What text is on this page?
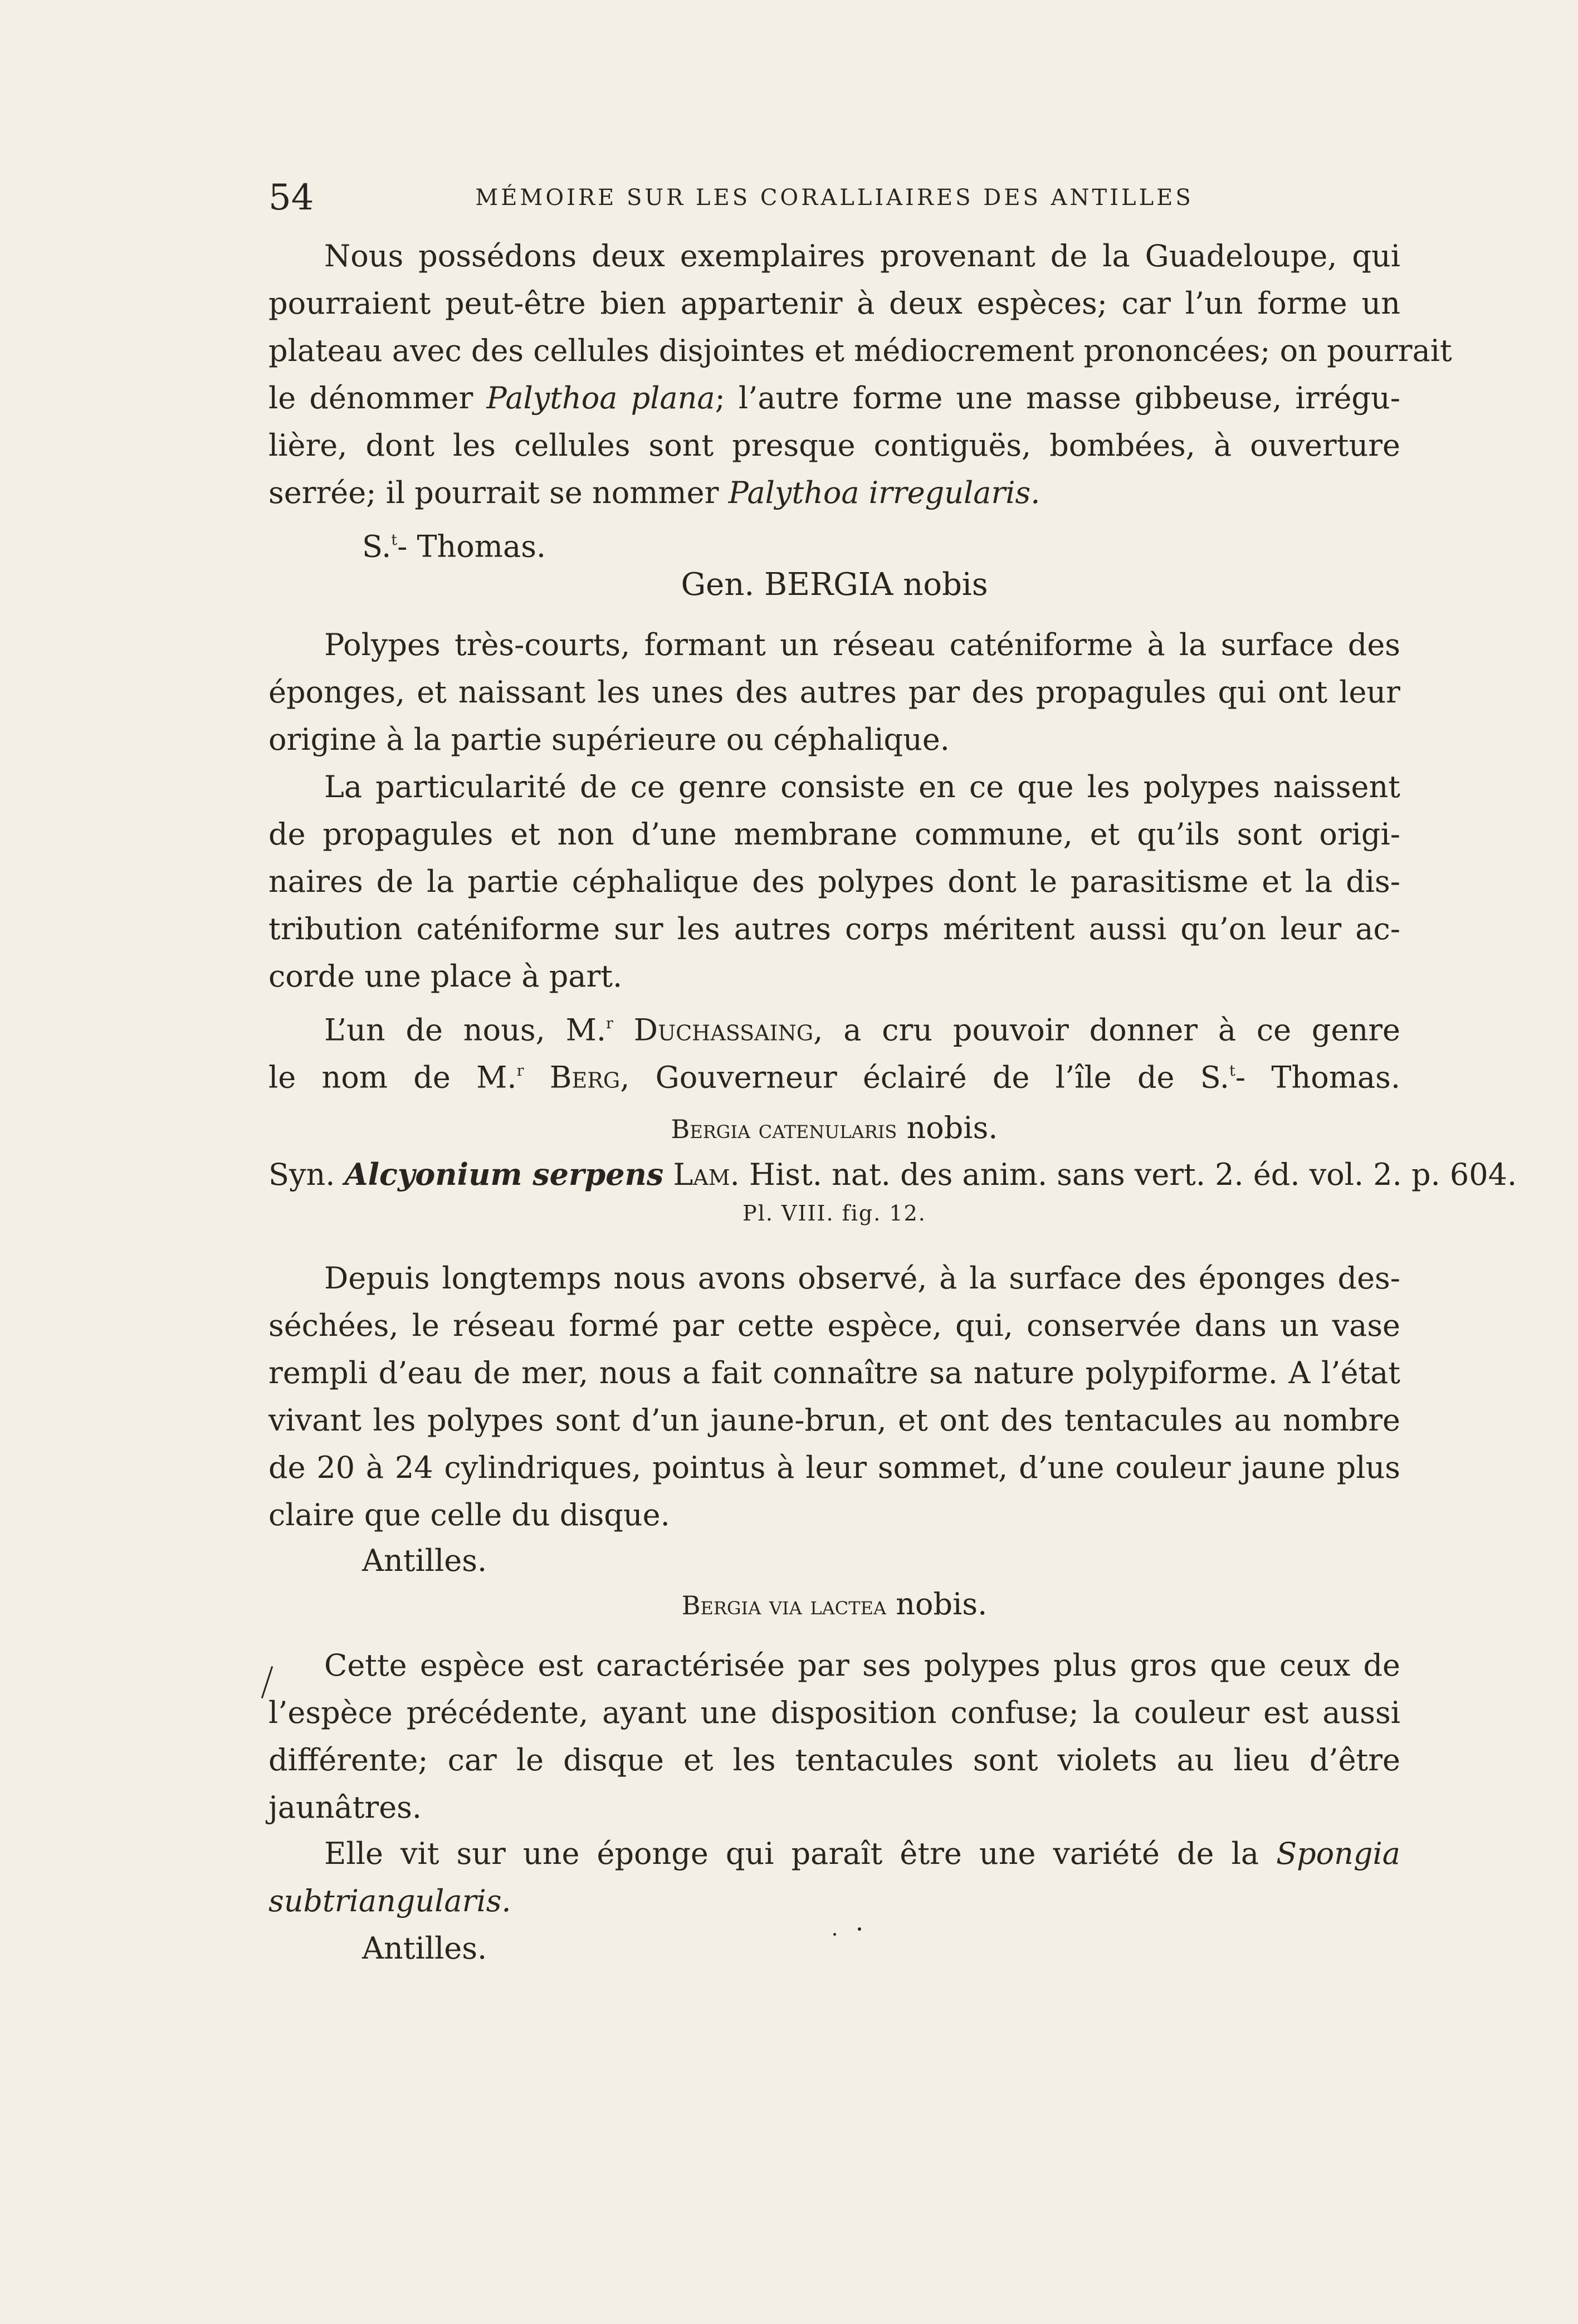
54	MÉMOIRE SUR LES CORALLIAIRES DES ANTILLES
Nous possédons deux exemplaires provenant de la Guadeloupe, qui
pourraient peut-être bien appartenir à deux espèces; car l’un forme un
plateau avec des cellules disjointes et médiocrement prononcées; on pourrait
le dénommer Palythoa plana; l’autre forme une masse gibbeuse, irrégu-
lière, dont les cellules sont presque contiguës, bombées, à ouverture
serrée; il pourrait se nommer Palythoa irregularis.
S.$^t$- Thomas.
Gen. BERGIA nobis
Polypes très-courts, formant un réseau caténiforme à la surface des
éponges, et naissant les unes des autres par des propagules qui ont leur
origine à la partie supérieure ou céphalique.
La particularité de ce genre consiste en ce que les polypes naissent
de propagules et non d’une membrane commune, et qu’ils sont origi-
naires de la partie céphalique des polypes dont le parasitisme et la dis-
tribution caténiforme sur les autres corps méritent aussi qu’on leur ac-
corde une place à part.
L’un de nous, M.$^r$ Duchassaing, a cru pouvoir donner à ce genre
le nom de M.$^r$ Berg, Gouverneur éclairé de l’île de S.$^t$- Thomas.
Bergia catenularis nobis.
Syn. Alcyonium serpens Lam. Hist. nat. des anim. sans vert. 2. éd. vol. 2. p. 604.
Pl. VIII. fig. 12.
Depuis longtemps nous avons observé, à la surface des éponges des-
séchées, le réseau formé par cette espèce, qui, conservée dans un vase
rempli d’eau de mer, nous a fait connaître sa nature polypiforme. A l’état
vivant les polypes sont d’un jaune-brun, et ont des tentacules au nombre
de 20 à 24 cylindriques, pointus à leur sommet, d’une couleur jaune plus
claire que celle du disque.
Antilles.
Bergia via lactea nobis.
Cette espèce est caractérisée par ses polypes plus gros que ceux de
l’espèce précédente, ayant une disposition confuse; la couleur est aussi
différente; car le disque et les tentacules sont violets au lieu d’être
jaunâtres.
Elle vit sur une éponge qui paraît être une variété de la Spongia
subtriangularis.
Antilles.
